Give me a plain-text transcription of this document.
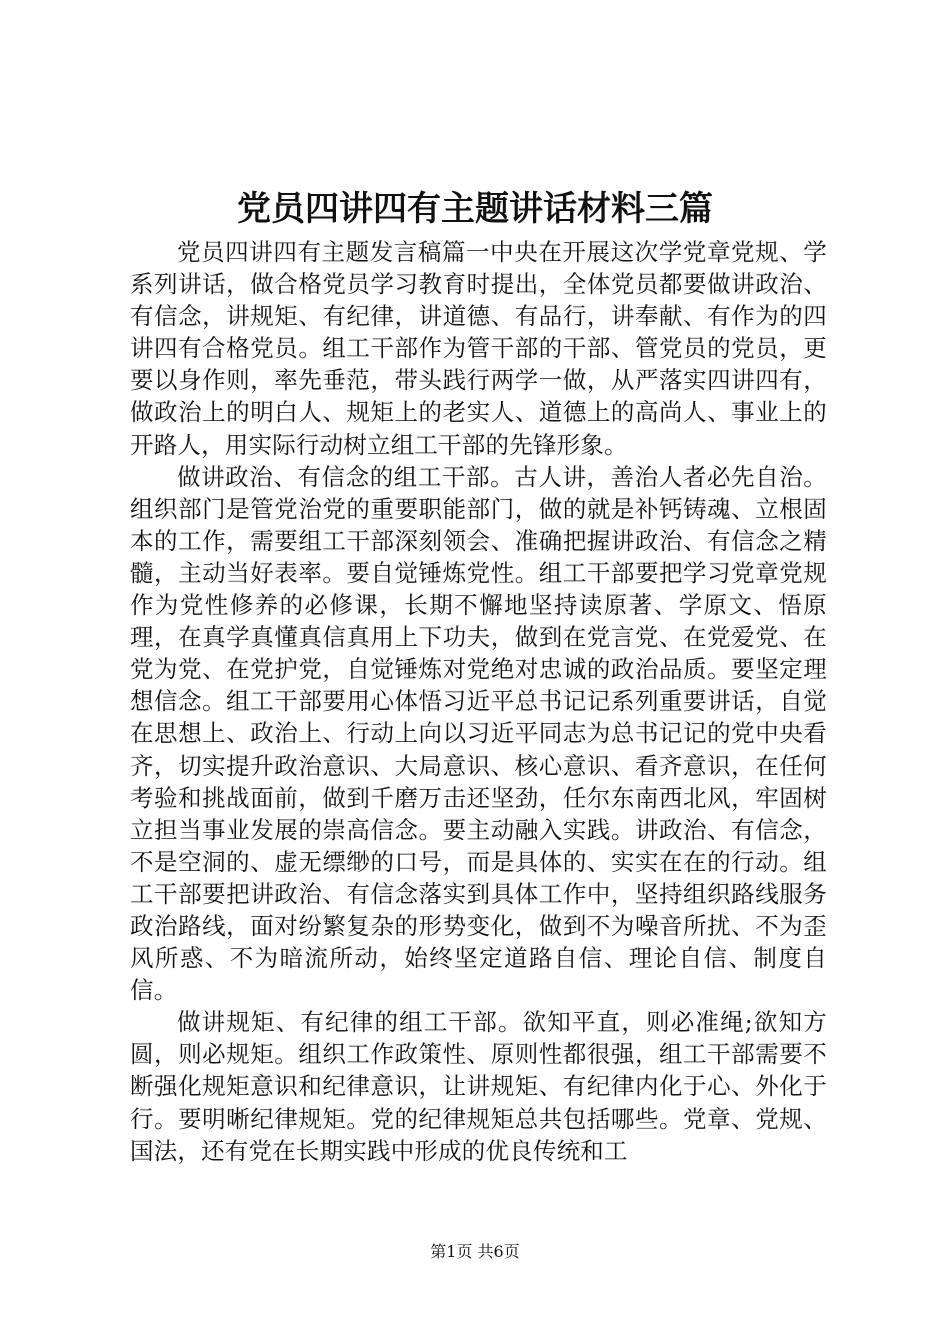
党员四讲四有主题讲话材料三篇

党员四讲四有主题发言稿篇一中央在开展这次学党章党规、学系列讲话，做合格党员学习教育时提出，全体党员都要做讲政治、有信念，讲规矩、有纪律，讲道德、有品行，讲奉献、有作为的四讲四有合格党员。组工干部作为管干部的干部、管党员的党员，更要以身作则，率先垂范，带头践行两学一做，从严落实四讲四有，做政治上的明白人、规矩上的老实人、道德上的高尚人、事业上的开路人，用实际行动树立组工干部的先锋形象。

做讲政治、有信念的组工干部。古人讲，善治人者必先自治。组织部门是管党治党的重要职能部门，做的就是补钙铸魂、立根固本的工作，需要组工干部深刻领会、准确把握讲政治、有信念之精髓，主动当好表率。要自觉锤炼党性。组工干部要把学习党章党规作为党性修养的必修课，长期不懈地坚持读原著、学原文、悟原理，在真学真懂真信真用上下功夫，做到在党言党、在党爱党、在党为党、在党护党，自觉锤炼对党绝对忠诚的政治品质。要坚定理想信念。组工干部要用心体悟习近平总书记记系列重要讲话，自觉在思想上、政治上、行动上向以习近平同志为总书记记的党中央看齐，切实提升政治意识、大局意识、核心意识、看齐意识，在任何考验和挑战面前，做到千磨万击还坚劲，任尔东南西北风，牢固树立担当事业发展的崇高信念。要主动融入实践。讲政治、有信念，不是空洞的、虚无缥缈的口号，而是具体的、实实在在的行动。组工干部要把讲政治、有信念落实到具体工作中，坚持组织路线服务政治路线，面对纷繁复杂的形势变化，做到不为噪音所扰、不为歪风所惑、不为暗流所动，始终坚定道路自信、理论自信、制度自信。

做讲规矩、有纪律的组工干部。欲知平直，则必准绳;欲知方圆，则必规矩。组织工作政策性、原则性都很强，组工干部需要不断强化规矩意识和纪律意识，让讲规矩、有纪律内化于心、外化于行。要明晰纪律规矩。党的纪律规矩总共包括哪些。党章、党规、国法，还有党在长期实践中形成的优良传统和工

第1页 共6页
